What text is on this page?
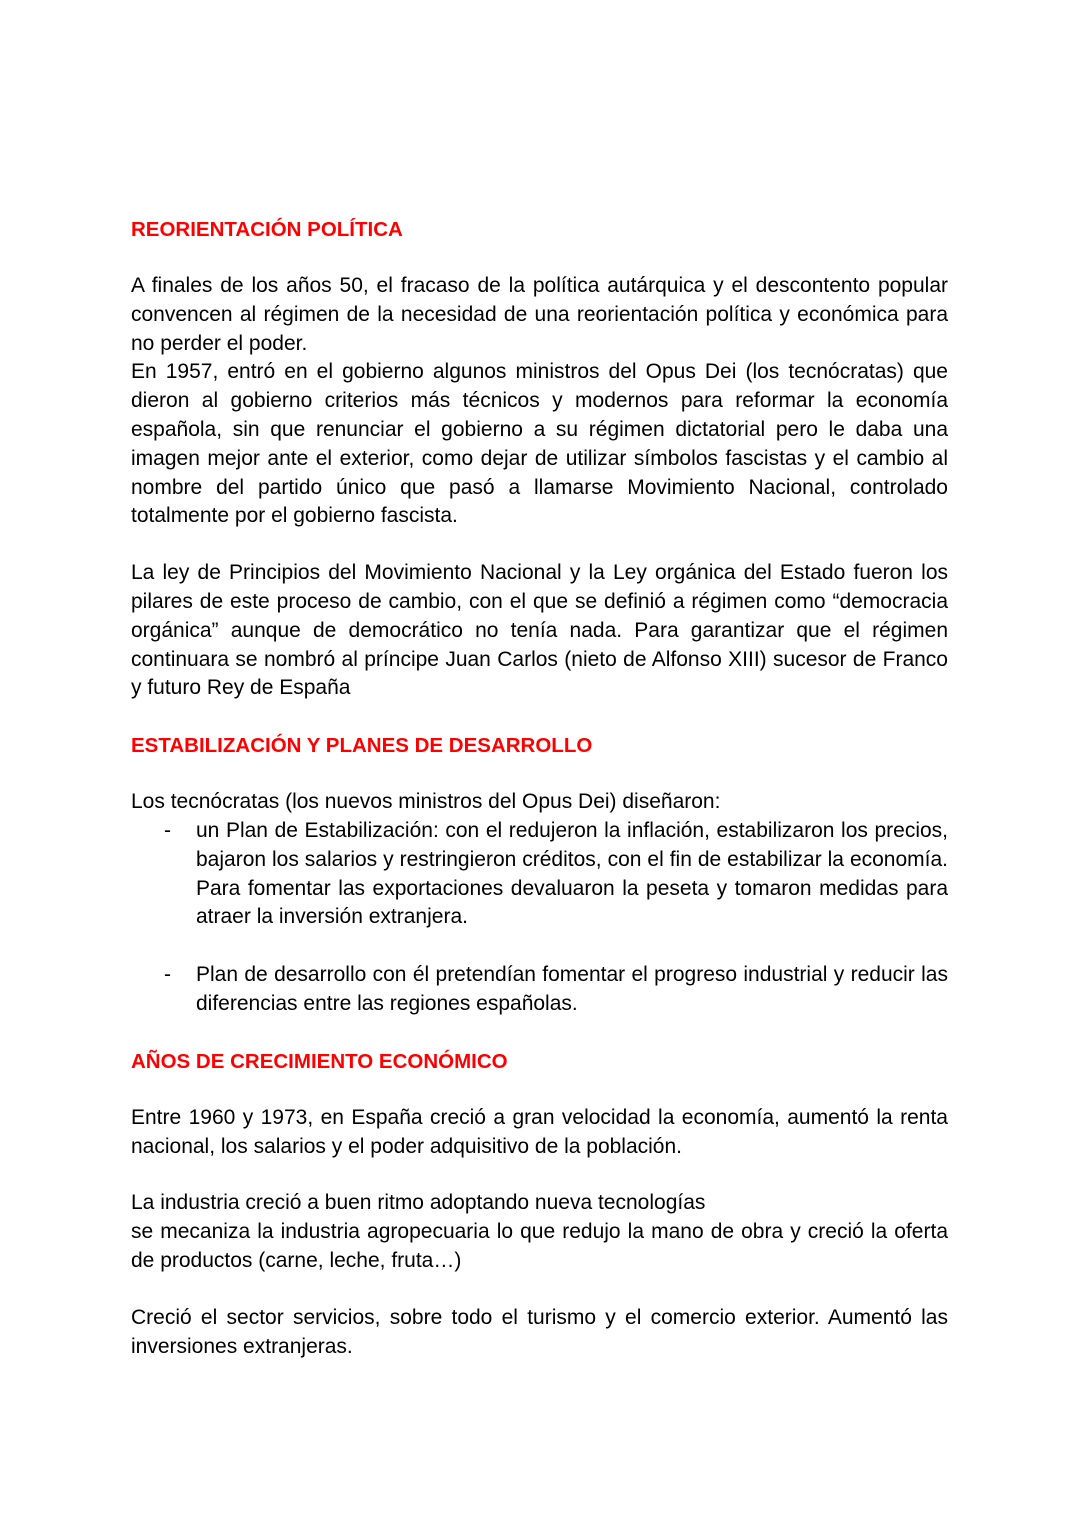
REORIENTACIÓN POLÍTICA

A finales de los años 50, el fracaso de la política autárquica y el descontento popular convencen al régimen de la necesidad de una reorientación política y económica para no perder el poder.

En 1957, entró en el gobierno algunos ministros del Opus Dei (los tecnócratas) que dieron al gobierno criterios más técnicos y modernos para reformar la economía española, sin que renunciar el gobierno a su régimen dictatorial pero le daba una imagen mejor ante el exterior, como dejar de utilizar símbolos fascistas y el cambio al nombre del partido único que pasó a llamarse Movimiento Nacional, controlado totalmente por el gobierno fascista.

La ley de Principios del Movimiento Nacional y la Ley orgánica del Estado fueron los pilares de este proceso de cambio, con el que se definió a régimen como “democracia orgánica” aunque de democrático no tenía nada. Para garantizar que el régimen continuara se nombró al príncipe Juan Carlos (nieto de Alfonso XIII) sucesor de Franco y futuro Rey de España

ESTABILIZACIÓN Y PLANES DE DESARROLLO

Los tecnócratas (los nuevos ministros del Opus Dei) diseñaron:

- un Plan de Estabilización: con el redujeron la inflación, estabilizaron los precios, bajaron los salarios y restringieron créditos, con el fin de estabilizar la economía. Para fomentar las exportaciones devaluaron la peseta y tomaron medidas para atraer la inversión extranjera.
- Plan de desarrollo con él pretendían fomentar el progreso industrial y reducir las diferencias entre las regiones españolas.
AÑOS DE CRECIMIENTO ECONÓMICO

Entre 1960 y 1973, en España creció a gran velocidad la economía, aumentó la renta nacional, los salarios y el poder adquisitivo de la población.

La industria creció a buen ritmo adoptando nueva tecnologías

se mecaniza la industria agropecuaria lo que redujo la mano de obra y creció la oferta de productos (carne, leche, fruta…)

Creció el sector servicios, sobre todo el turismo y el comercio exterior. Aumentó las inversiones extranjeras.
